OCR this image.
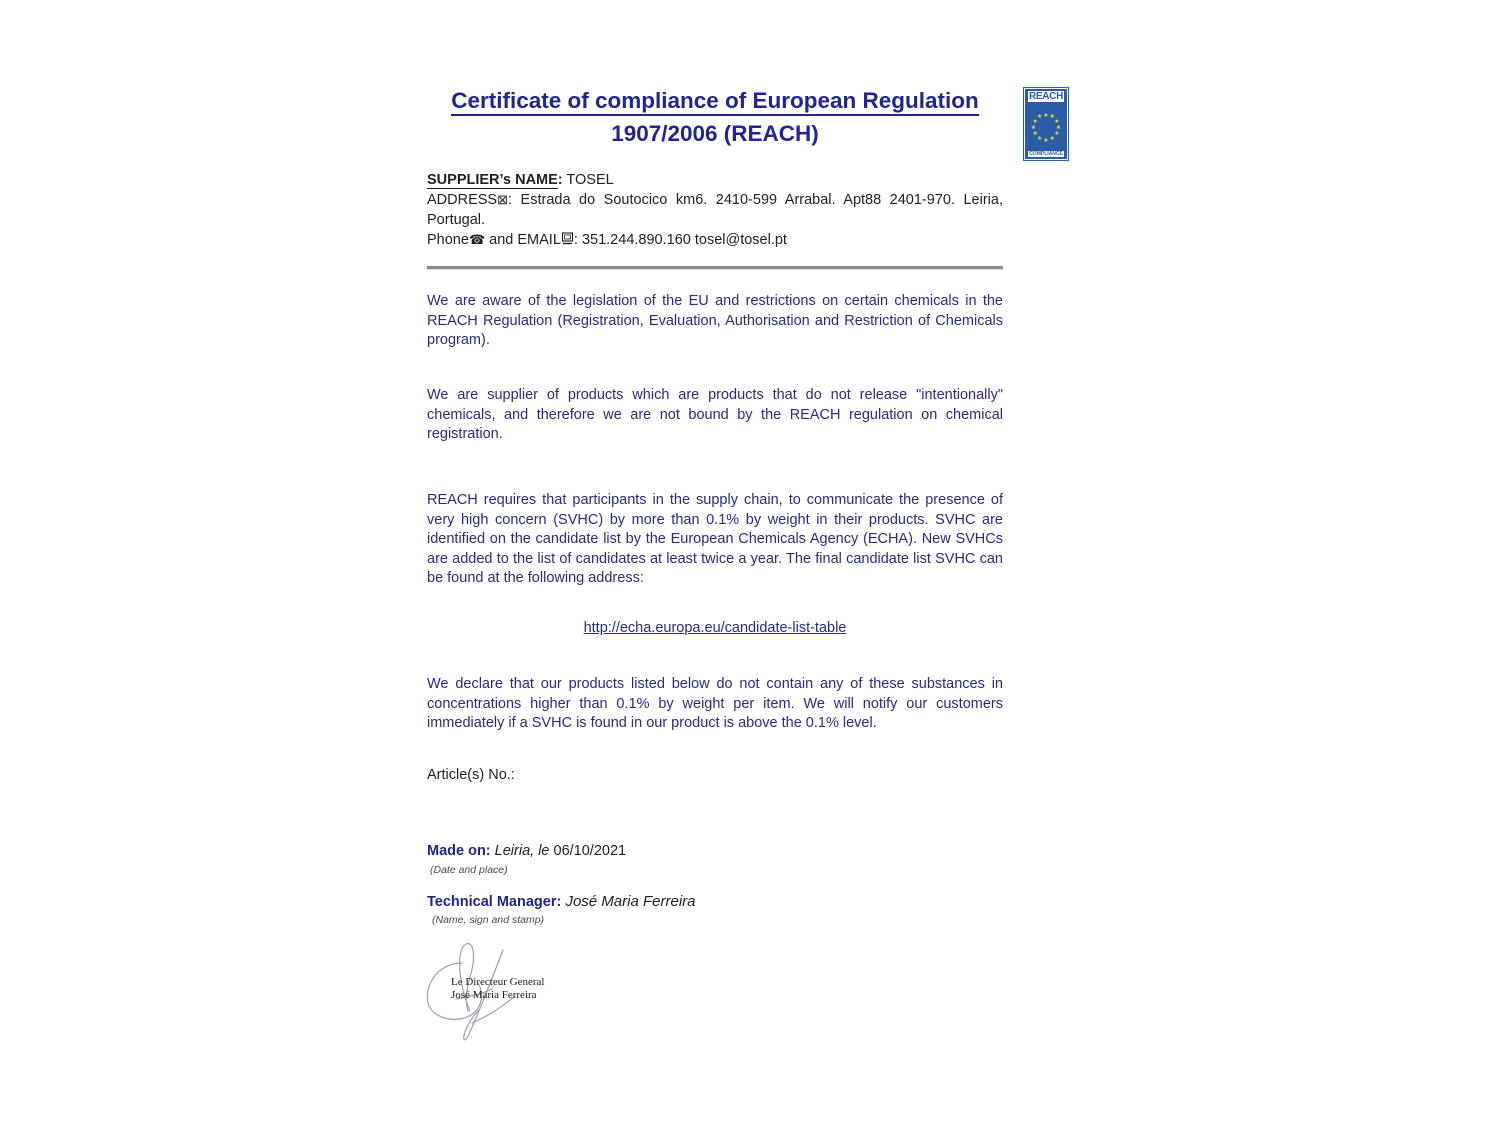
Certificate of compliance of European Regulation
1907/2006 (REACH)
REACH
★ ★
★
★
★
★
★
★
★
★
★
★
COMPLIANCE
SUPPLIER’s NAME: TOSEL
ADDRESS⊠: Estrada do Soutocico km6. 2410-599 Arrabal. Apt88 2401-970. Leiria, Portugal.
Phone☎ and EMAIL : 351.244.890.160 tosel@tosel.pt
We are aware of the legislation of the EU and restrictions on certain chemicals in the REACH Regulation (Registration, Evaluation, Authorisation and Restriction of Chemicals program).
We are supplier of products which are products that do not release "intentionally" chemicals, and therefore we are not bound by the REACH regulation on chemical registration.
REACH requires that participants in the supply chain, to communicate the presence of very high concern (SVHC) by more than 0.1% by weight in their products. SVHC are identified on the candidate list by the European Chemicals Agency (ECHA). New SVHCs are added to the list of candidates at least twice a year. The final candidate list SVHC can be found at the following address:
http://echa.europa.eu/candidate-list-table
We declare that our products listed below do not contain any of these substances in concentrations higher than 0.1% by weight per item. We will notify our customers immediately if a SVHC is found in our product is above the 0.1% level.
Article(s) No.:
Made on: Leiria, le 06/10/2021
(Date and place)
Technical Manager: José Maria Ferreira
(Name, sign and stamp)
Le Directeur General
José Maria Ferreira
